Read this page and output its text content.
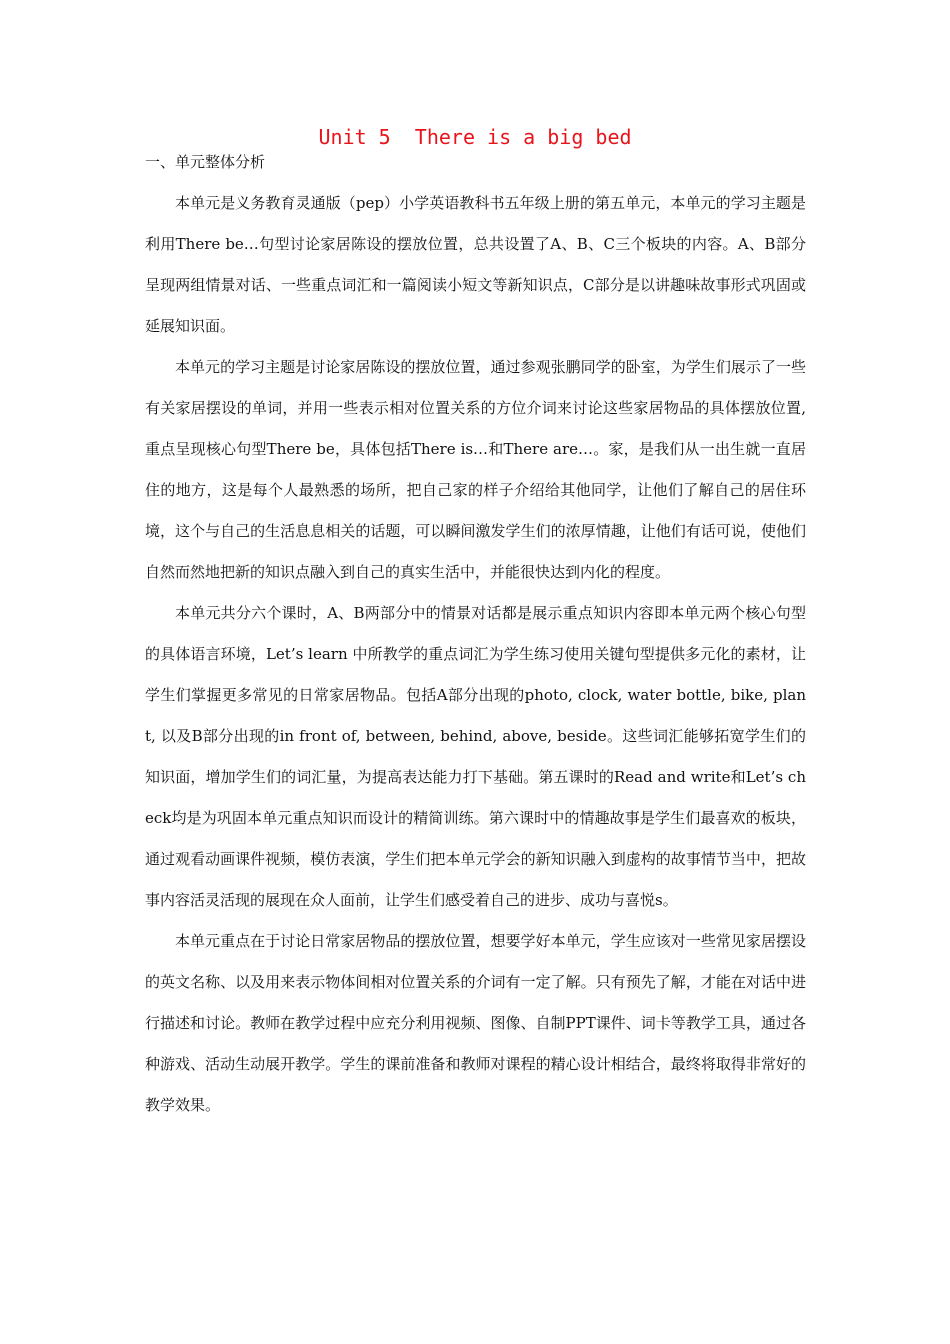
Unit 5  There is a big bed
一、单元整体分析

本单元是义务教育灵通版（pep）小学英语教科书五年级上册的第五单元，本单元的学习主题是利用There be…句型讨论家居陈设的摆放位置，总共设置了A、B、C三个板块的内容。A、B部分呈现两组情景对话、一些重点词汇和一篇阅读小短文等新知识点，C部分是以讲趣味故事形式巩固或延展知识面。

本单元的学习主题是讨论家居陈设的摆放位置，通过参观张鹏同学的卧室，为学生们展示了一些有关家居摆设的单词，并用一些表示相对位置关系的方位介词来讨论这些家居物品的具体摆放位置,重点呈现核心句型There be，具体包括There is…和There are…。家，是我们从一出生就一直居住的地方，这是每个人最熟悉的场所，把自己家的样子介绍给其他同学，让他们了解自己的居住环境，这个与自己的生活息息相关的话题，可以瞬间激发学生们的浓厚情趣，让他们有话可说，使他们自然而然地把新的知识点融入到自己的真实生活中，并能很快达到内化的程度。

本单元共分六个课时，A、B两部分中的情景对话都是展示重点知识内容即本单元两个核心句型的具体语言环境，Let’s learn 中所教学的重点词汇为学生练习使用关键句型提供多元化的素材，让学生们掌握更多常见的日常家居物品。包括A部分出现的photo, clock, water bottle, bike, plant, 以及B部分出现的in front of, between, behind, above, beside。这些词汇能够拓宽学生们的知识面，增加学生们的词汇量，为提高表达能力打下基础。第五课时的Read and write和Let’s check均是为巩固本单元重点知识而设计的精简训练。第六课时中的情趣故事是学生们最喜欢的板块，通过观看动画课件视频，模仿表演，学生们把本单元学会的新知识融入到虚构的故事情节当中，把故事内容活灵活现的展现在众人面前，让学生们感受着自己的进步、成功与喜悦s。

本单元重点在于讨论日常家居物品的摆放位置，想要学好本单元，学生应该对一些常见家居摆设的英文名称、以及用来表示物体间相对位置关系的介词有一定了解。只有预先了解，才能在对话中进行描述和讨论。教师在教学过程中应充分利用视频、图像、自制PPT课件、词卡等教学工具，通过各种游戏、活动生动展开教学。学生的课前准备和教师对课程的精心设计相结合，最终将取得非常好的教学效果。
